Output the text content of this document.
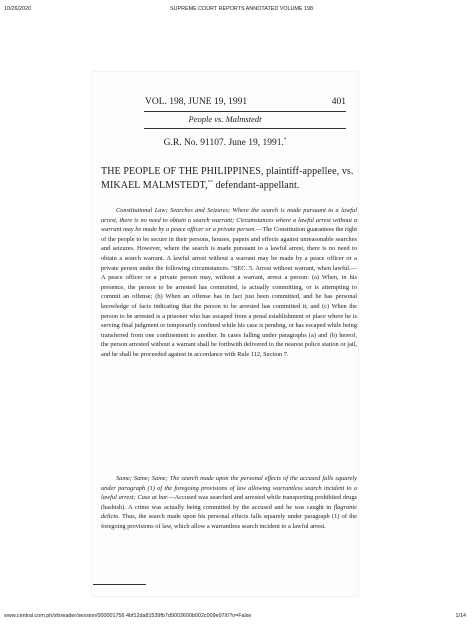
10/26/2020	SUPREME COURT REPORTS ANNOTATED VOLUME 198
VOL. 198, JUNE 19, 1991	401
People vs. Malmstedt
G.R. No. 91107. June 19, 1991.*
THE PEOPLE OF THE PHILIPPINES, plaintiff-appellee, vs.
MIKAEL MALMSTEDT,** defendant-appellant.
Constitutional Law; Searches and Seizures; Where the search is made pursuant to a lawful arrest, there is no need to obtain a search warrant; Circumstances where a lawful arrest without a warrant may be made by a peace officer or a private person.—The Constitution guarantees the right of the people to be secure in their persons, houses, papers and effects against unreasonable searches and seizures. However, where the search is made pursuant to a lawful arrest, there is no need to obtain a search warrant. A lawful arrest without a warrant may be made by a peace officer or a private person under the following circumstances. "SEC. 5. Arrest without warrant, when lawful.—A peace officer or a private person may, without a warrant, arrest a person: (a) When, in his presence, the person to be arrested has committed, is actually committing, or is attempting to commit an offense; (b) When an offense has in fact just been committed, and he has personal knowledge of facts indicating that the person to be arrested has committed it; and (c) When the person to be arrested is a prisoner who has escaped from a penal establishment or place where he is serving final judgment or temporarily confined while his case is pending, or has escaped while being transferred from one confinement to another. In cases falling under paragraphs (a) and (b) hereof, the person arrested without a warrant shall be forthwith delivered to the nearest police station or jail, and he shall be proceeded against in accordance with Rule 112, Section 7.
Same; Same; Same; The search made upon the personal effects of the accused falls squarely under paragraph (1) of the foregoing provisions of law allowing warrantless search incident to a lawful arrest; Case at bar.—Accused was searched and arrested while transporting prohibited drugs (hashish). A crime was actually being committed by the accused and he was caught in flagrante delicto. Thus, the search made upon his personal effects falls squarely under paragraph (1) of the foregoing provisions of law, which allow a warrantless search incident to a lawful arrest.
www.central.com.ph/sfsreader/session/000001756 4bf12da81539fb7d9003600b002c009e97/t/?o=False	1/14
